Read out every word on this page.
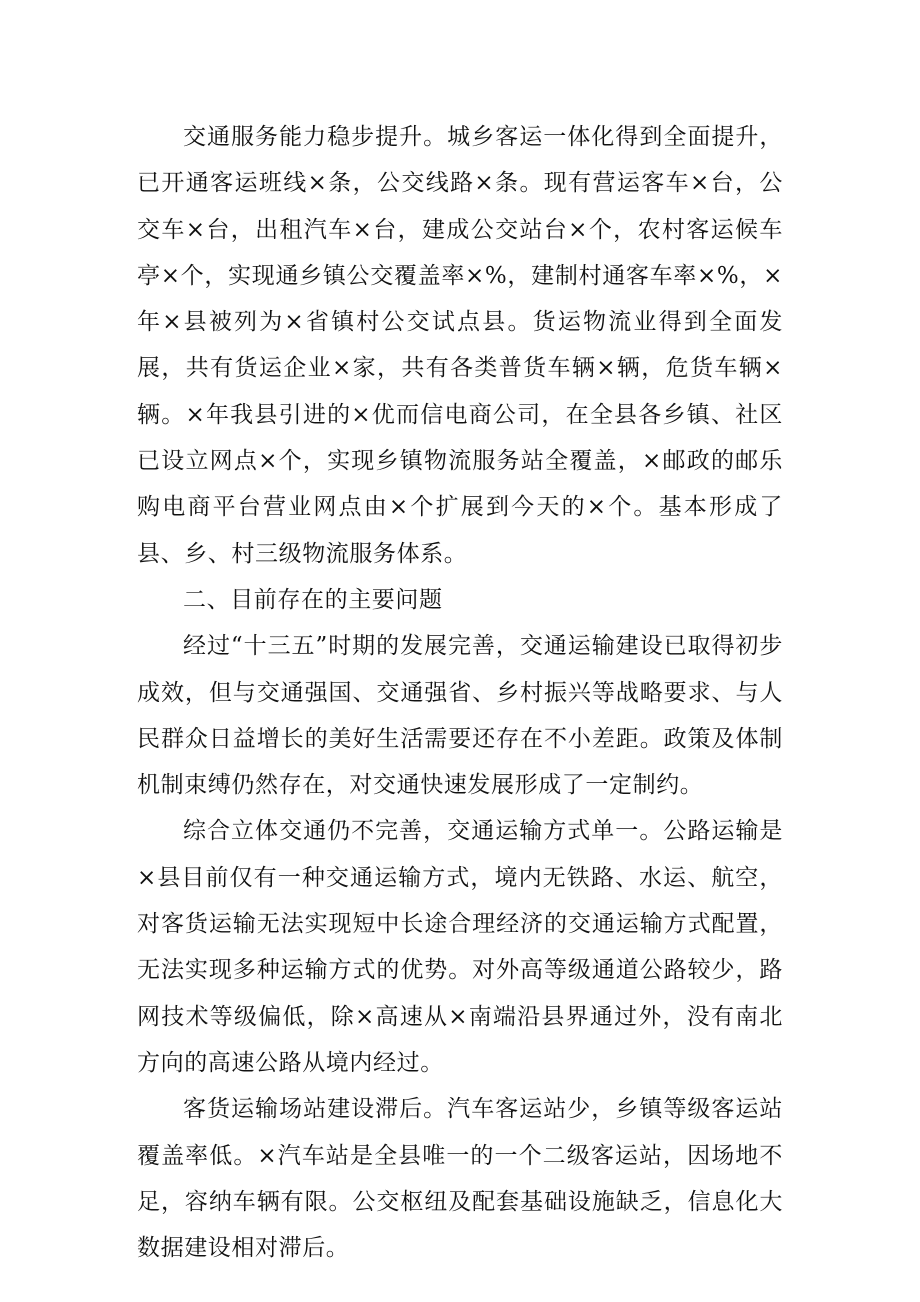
交通服务能力稳步提升。城乡客运一体化得到全面提升，已开通客运班线×条，公交线路×条。现有营运客车×台，公交车×台，出租汽车×台，建成公交站台×个，农村客运候车亭×个，实现通乡镇公交覆盖率×%，建制村通客车率×%，×年×县被列为×省镇村公交试点县。货运物流业得到全面发展，共有货运企业×家，共有各类普货车辆×辆，危货车辆×辆。×年我县引进的×优而信电商公司，在全县各乡镇、社区已设立网点×个，实现乡镇物流服务站全覆盖，×邮政的邮乐购电商平台营业网点由×个扩展到今天的×个。基本形成了县、乡、村三级物流服务体系。

二、目前存在的主要问题

经过“十三五”时期的发展完善，交通运输建设已取得初步成效，但与交通强国、交通强省、乡村振兴等战略要求、与人民群众日益增长的美好生活需要还存在不小差距。政策及体制机制束缚仍然存在，对交通快速发展形成了一定制约。

综合立体交通仍不完善，交通运输方式单一。公路运输是×县目前仅有一种交通运输方式，境内无铁路、水运、航空，对客货运输无法实现短中长途合理经济的交通运输方式配置，无法实现多种运输方式的优势。对外高等级通道公路较少，路网技术等级偏低，除×高速从×南端沿县界通过外，没有南北方向的高速公路从境内经过。

客货运输场站建设滞后。汽车客运站少，乡镇等级客运站覆盖率低。×汽车站是全县唯一的一个二级客运站，因场地不足，容纳车辆有限。公交枢纽及配套基础设施缺乏，信息化大数据建设相对滞后。
